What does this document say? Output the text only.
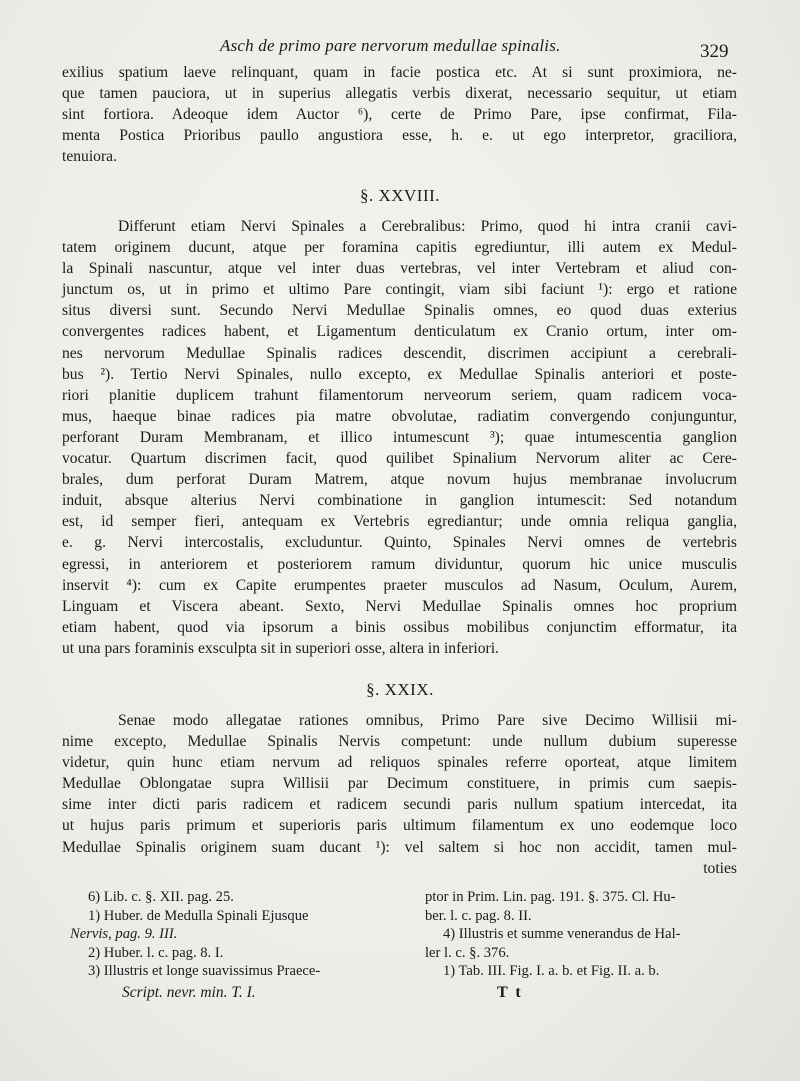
Asch de primo pare nervorum medullae spinalis.	329
exilius spatium laeve relinquant, quam in facie postica etc. At si sunt proximiora, ne-
que tamen pauciora, ut in superius allegatis verbis dixerat, necessario sequitur, ut etiam
sint fortiora. Adeoque idem Auctor ⁶), certe de Primo Pare, ipse confirmat, Fila-
menta Postica Prioribus paullo angustiora esse, h. e. ut ego interpretor, graciliora,
tenuiora.
§. XXVIII.
Differunt etiam Nervi Spinales a Cerebralibus: Primo, quod hi intra cranii cavi-
tatem originem ducunt, atque per foramina capitis egrediuntur, illi autem ex Medul-
la Spinali nascuntur, atque vel inter duas vertebras, vel inter Vertebram et aliud con-
junctum os, ut in primo et ultimo Pare contingit, viam sibi faciunt ¹): ergo et ratione
situs diversi sunt. Secundo Nervi Medullae Spinalis omnes, eo quod duas exterius
convergentes radices habent, et Ligamentum denticulatum ex Cranio ortum, inter om-
nes nervorum Medullae Spinalis radices descendit, discrimen accipiunt a cerebrali-
bus ²). Tertio Nervi Spinales, nullo excepto, ex Medullae Spinalis anteriori et poste-
riori planitie duplicem trahunt filamentorum nerveorum seriem, quam radicem voca-
mus, haeque binae radices pia matre obvolutae, radiatim convergendo conjunguntur,
perforant Duram Membranam, et illico intumescunt ³); quae intumescentia ganglion
vocatur. Quartum discrimen facit, quod quilibet Spinalium Nervorum aliter ac Cere-
brales, dum perforat Duram Matrem, atque novum hujus membranae involucrum
induit, absque alterius Nervi combinatione in ganglion intumescit: Sed notandum
est, id semper fieri, antequam ex Vertebris egrediantur; unde omnia reliqua ganglia,
e. g. Nervi intercostalis, excluduntur. Quinto, Spinales Nervi omnes de vertebris
egressi, in anteriorem et posteriorem ramum dividuntur, quorum hic unice musculis
inservit ⁴): cum ex Capite erumpentes praeter musculos ad Nasum, Oculum, Aurem,
Linguam et Viscera abeant. Sexto, Nervi Medullae Spinalis omnes hoc proprium
etiam habent, quod via ipsorum a binis ossibus mobilibus conjunctim efformatur, ita
ut una pars foraminis exsculpta sit in superiori osse, altera in inferiori.
§. XXIX.
Senae modo allegatae rationes omnibus, Primo Pare sive Decimo Willisii mi-
nime excepto, Medullae Spinalis Nervis competunt: unde nullum dubium superesse
videtur, quin hunc etiam nervum ad reliquos spinales referre oporteat, atque limitem
Medullae Oblongatae supra Willisii par Decimum constituere, in primis cum saepis-
sime inter dicti paris radicem et radicem secundi paris nullum spatium intercedat, ita
ut hujus paris primum et superioris paris ultimum filamentum ex uno eodemque loco
Medullae Spinalis originem suam ducant ¹): vel saltem si hoc non accidit, tamen mul-
toties
6) Lib. c. §. XII. pag. 25.
1) Huber. de Medulla Spinali Ejusque
Nervis, pag. 9. III.
2) Huber. l. c. pag. 8. I.
3) Illustris et longe suavissimus Praece-
ptor in Prim. Lin. pag. 191. §. 375. Cl. Hu-
ber. l. c. pag. 8. II.
4) Illustris et summe venerandus de Hal-
ler l. c. §. 376.
1) Tab. III. Fig. I. a. b. et Fig. II. a. b.
Script. nevr. min. T. I.	T t
